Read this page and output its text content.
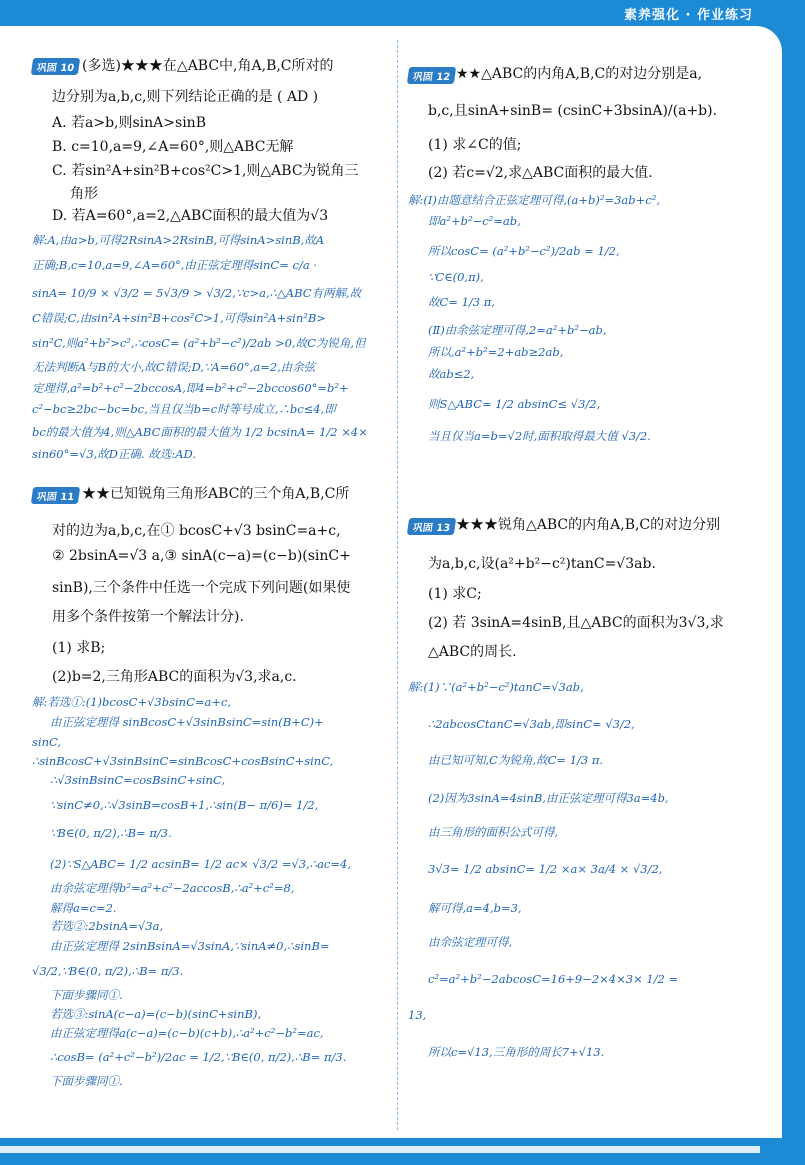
素养强化 · 作业练习
巩固 10 (多选)★★★在△ABC中,角A,B,C所对的
边分别为a,b,c,则下列结论正确的是 ( AD )
A. 若a>b,则sinA>sinB
B. c=10,a=9,∠A=60°,则△ABC无解
C. 若sin²A+sin²B+cos²C>1,则△ABC为锐角三
角形
D. 若A=60°,a=2,△ABC面积的最大值为√3
解:A,由a>b,可得2RsinA>2RsinB,可得sinA>sinB,故A
正确;B,c=10,a=9,∠A=60°,由正弦定理得sinC= c/a ·
sinA= 10/9 × √3/2 = 5√3/9 > √3/2,∵c>a,∴△ABC有两解,故
C错误;C,由sin²A+sin²B+cos²C>1,可得sin²A+sin²B>
sin²C,则a²+b²>c²,∴cosC= (a²+b²−c²)/2ab >0,故C为锐角,但
无法判断A与B的大小,故C错误;D,∵A=60°,a=2,由余弦
定理得,a²=b²+c²−2bccosA,即4=b²+c²−2bccos60°=b²+
c²−bc≥2bc−bc=bc,当且仅当b=c时等号成立,∴bc≤4,即
bc的最大值为4,则△ABC面积的最大值为 1/2 bcsinA= 1/2 ×4×
sin60°=√3,故D正确. 故选:AD.
巩固 11 ★★已知锐角三角形ABC的三个角A,B,C所
对的边为a,b,c,在① bcosC+√3 bsinC=a+c,
② 2bsinA=√3 a,③ sinA(c−a)=(c−b)(sinC+
sinB),三个条件中任选一个完成下列问题(如果使
用多个条件按第一个解法计分).
(1) 求B;
(2)b=2,三角形ABC的面积为√3,求a,c.
解:若选①:(1)bcosC+√3bsinC=a+c,
由正弦定理得 sinBcosC+√3sinBsinC=sin(B+C)+
sinC,
∴sinBcosC+√3sinBsinC=sinBcosC+cosBsinC+sinC,
∴√3sinBsinC=cosBsinC+sinC,
∵sinC≠0,∴√3sinB=cosB+1,∴sin(B− π/6)= 1/2,
∵B∈(0, π/2),∴B= π/3.
(2)∵S△ABC= 1/2 acsinB= 1/2 ac× √3/2 =√3,∴ac=4,
由余弦定理得b²=a²+c²−2accosB,∴a²+c²=8,
解得a=c=2.
若选②:2bsinA=√3a,
由正弦定理得 2sinBsinA=√3sinA,∵sinA≠0,∴sinB=
√3/2,∵B∈(0, π/2),∴B= π/3.
下面步骤同①.
若选③:sinA(c−a)=(c−b)(sinC+sinB),
由正弦定理得a(c−a)=(c−b)(c+b),∴a²+c²−b²=ac,
∴cosB= (a²+c²−b²)/2ac = 1/2,∵B∈(0, π/2),∴B= π/3.
下面步骤同①.
巩固 12 ★★△ABC的内角A,B,C的对边分别是a,
b,c,且sinA+sinB= (csinC+3bsinA)/(a+b).
(1) 求∠C的值;
(2) 若c=√2,求△ABC面积的最大值.
解:(Ⅰ)由题意结合正弦定理可得,(a+b)²=3ab+c²,
即a²+b²−c²=ab,
所以cosC= (a²+b²−c²)/2ab = 1/2,
∵C∈(0,π),
故C= 1/3 π,
(Ⅱ)由余弦定理可得,2=a²+b²−ab,
所以,a²+b²=2+ab≥2ab,
故ab≤2,
则S△ABC= 1/2 absinC≤ √3/2,
当且仅当a=b=√2时,面积取得最大值 √3/2.
巩固 13 ★★★锐角△ABC的内角A,B,C的对边分别
为a,b,c,设(a²+b²−c²)tanC=√3ab.
(1) 求C;
(2) 若 3sinA=4sinB,且△ABC的面积为3√3,求
△ABC的周长.
解:(1)∵(a²+b²−c²)tanC=√3ab,
∴2abcosCtanC=√3ab,即sinC= √3/2,
由已知可知,C为锐角,故C= 1/3 π.
(2)因为3sinA=4sinB,由正弦定理可得3a=4b,
由三角形的面积公式可得,
3√3= 1/2 absinC= 1/2 ×a× 3a/4 × √3/2,
解可得,a=4,b=3,
由余弦定理可得,
c²=a²+b²−2abcosC=16+9−2×4×3× 1/2 =
13,
所以c=√13,三角形的周长7+√13.
